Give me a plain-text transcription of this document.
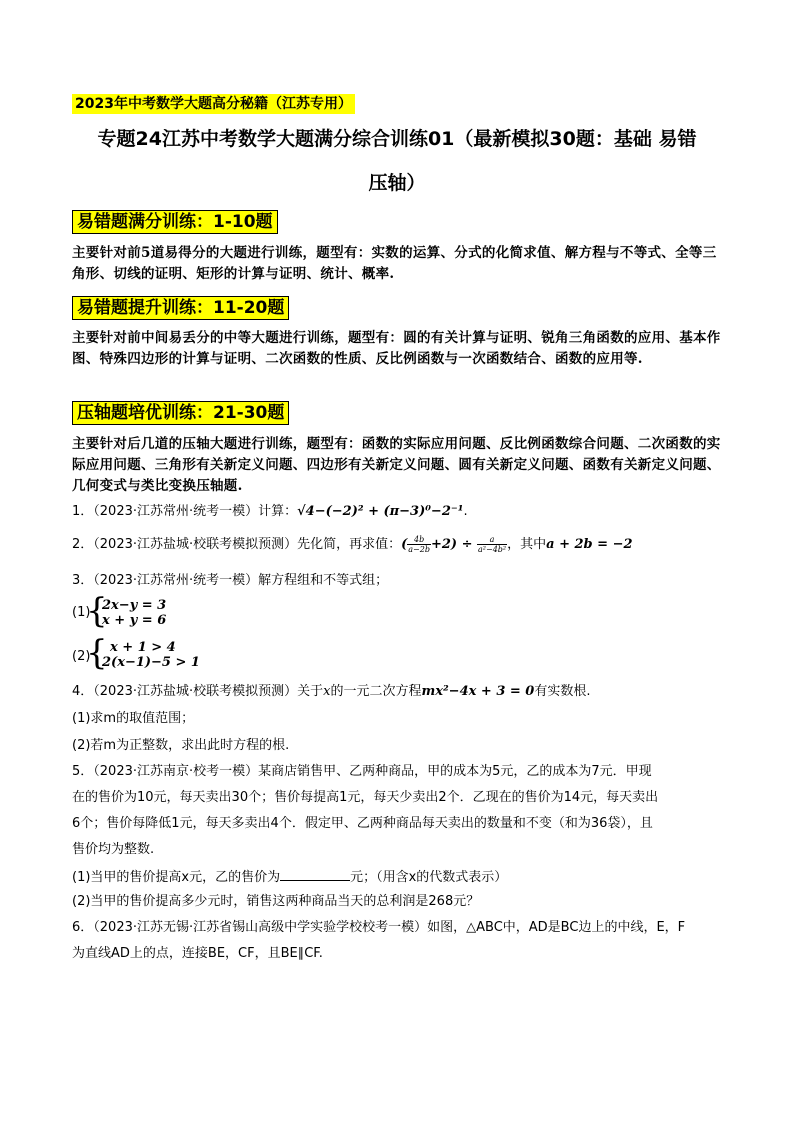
2023年中考数学大题高分秘籍（江苏专用）
专题24江苏中考数学大题满分综合训练01（最新模拟30题：基础 易错
压轴）
易错题满分训练：1-10题
主要针对前5道易得分的大题进行训练，题型有：实数的运算、分式的化简求值、解方程与不等式、全等三角形、切线的证明、矩形的计算与证明、统计、概率.
易错题提升训练：11-20题
主要针对前中间易丢分的中等大题进行训练，题型有：圆的有关计算与证明、锐角三角函数的应用、基本作图、特殊四边形的计算与证明、二次函数的性质、反比例函数与一次函数结合、函数的应用等.
压轴题培优训练：21-30题
主要针对后几道的压轴大题进行训练，题型有：函数的实际应用问题、反比例函数综合问题、二次函数的实际应用问题、三角形有关新定义问题、四边形有关新定义问题、圆有关新定义问题、函数有关新定义问题、几何变式与类比变换压轴题.
1．（2023·江苏常州·统考一模）计算：√4−(−2)² + (π−3)⁰−2⁻¹.
2．（2023·江苏盐城·校联考模拟预测）先化简，再求值：( $\frac{4b}{a-2b} +2) \div \frac{a}{\text{a²−4b²}}$ ，其中a + 2b = −2
3．（2023·江苏常州·统考一模）解方程组和不等式组；
(1)
{
2x−y = 3
x + y = 6
(2)
{ x + 1 > 4
2(x−1)−5 > 1
4．（2023·江苏盐城·校联考模拟预测）关于x的一元二次方程mx²−4x + 3 = 0有实数根.
(1)求m的取值范围；
(2)若m为正整数，求出此时方程的根.
5．（2023·江苏南京·校考一模）某商店销售甲、乙两种商品，甲的成本为5元，乙的成本为7元．甲现
在的售价为10元，每天卖出30个；售价每提高1元，每天少卖出2个．乙现在的售价为14元，每天卖出
6个；售价每降低1元，每天多卖出4个．假定甲、乙两种商品每天卖出的数量和不变（和为36袋），且
售价均为整数.
(1)当甲的售价提高x元，乙的售价为	元；（用含x的代数式表示）
(2)当甲的售价提高多少元时，销售这两种商品当天的总利润是268元？
6．（2023·江苏无锡·江苏省锡山高级中学实验学校校考一模）如图，△ABC中，AD是BC边上的中线，E，F
为直线AD上的点，连接BE，CF，且BE∥CF.
